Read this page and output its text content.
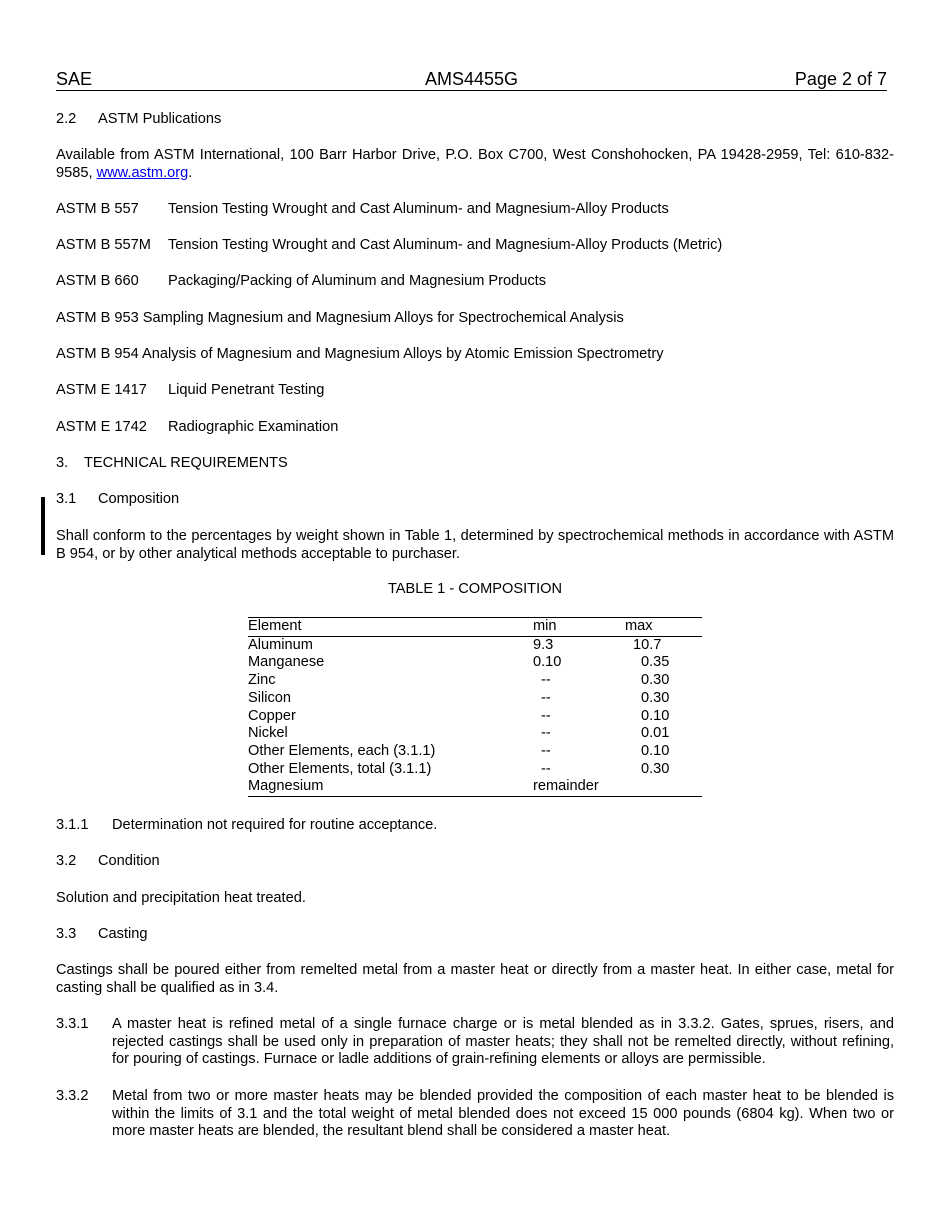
SAE	AMS4455G	Page 2 of 7
2.2 ASTM Publications
Available from ASTM International, 100 Barr Harbor Drive, P.O. Box C700, West Conshohocken, PA 19428-2959, Tel: 610-832-9585, www.astm.org.
ASTM B 557 Tension Testing Wrought and Cast Aluminum- and Magnesium-Alloy Products
ASTM B 557M Tension Testing Wrought and Cast Aluminum- and Magnesium-Alloy Products (Metric)
ASTM B 660 Packaging/Packing of Aluminum and Magnesium Products
ASTM B 953 Sampling Magnesium and Magnesium Alloys for Spectrochemical Analysis
ASTM B 954 Analysis of Magnesium and Magnesium Alloys by Atomic Emission Spectrometry
ASTM E 1417 Liquid Penetrant Testing
ASTM E 1742 Radiographic Examination
3. TECHNICAL REQUIREMENTS
3.1 Composition
Shall conform to the percentages by weight shown in Table 1, determined by spectrochemical methods in accordance with ASTM B 954, or by other analytical methods acceptable to purchaser.
TABLE 1 - COMPOSITION
Element	min	max
Aluminum	9.3	10.7
Manganese	0.10	0.35
Zinc	--	0.30
Silicon	--	0.30
Copper	--	0.10
Nickel	--	0.01
Other Elements, each (3.1.1)	--	0.10
Other Elements, total (3.1.1)	--	0.30
Magnesium	remainder	
3.1.1 Determination not required for routine acceptance.
3.2 Condition
Solution and precipitation heat treated.
3.3 Casting
Castings shall be poured either from remelted metal from a master heat or directly from a master heat. In either case, metal for casting shall be qualified as in 3.4.
3.3.1 A master heat is refined metal of a single furnace charge or is metal blended as in 3.3.2. Gates, sprues, risers, and rejected castings shall be used only in preparation of master heats; they shall not be remelted directly, without refining, for pouring of castings. Furnace or ladle additions of grain-refining elements or alloys are permissible.
3.3.2 Metal from two or more master heats may be blended provided the composition of each master heat to be blended is within the limits of 3.1 and the total weight of metal blended does not exceed 15 000 pounds (6804 kg). When two or more master heats are blended, the resultant blend shall be considered a master heat.
